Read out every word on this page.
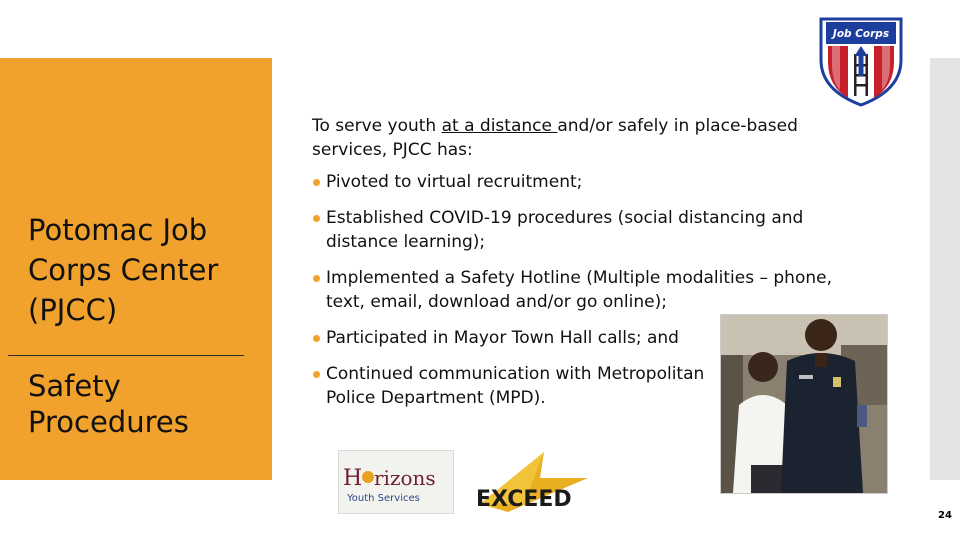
Potomac Job Corps Center (PJCC)
Safety Procedures
Job Corps

To serve youth at a distance and/or safely in place-based services, PJCC has:

Pivoted to virtual recruitment;
Established COVID-19 procedures (social distancing and distance learning);
Implemented a Safety Hotline (Multiple modalities – phone, text, email, download and/or go online);
Participated in Mayor Town Hall calls; and
Continued communication with Metropolitan Police Department (MPD).
H rizons
Youth Services	EXCEED
24
